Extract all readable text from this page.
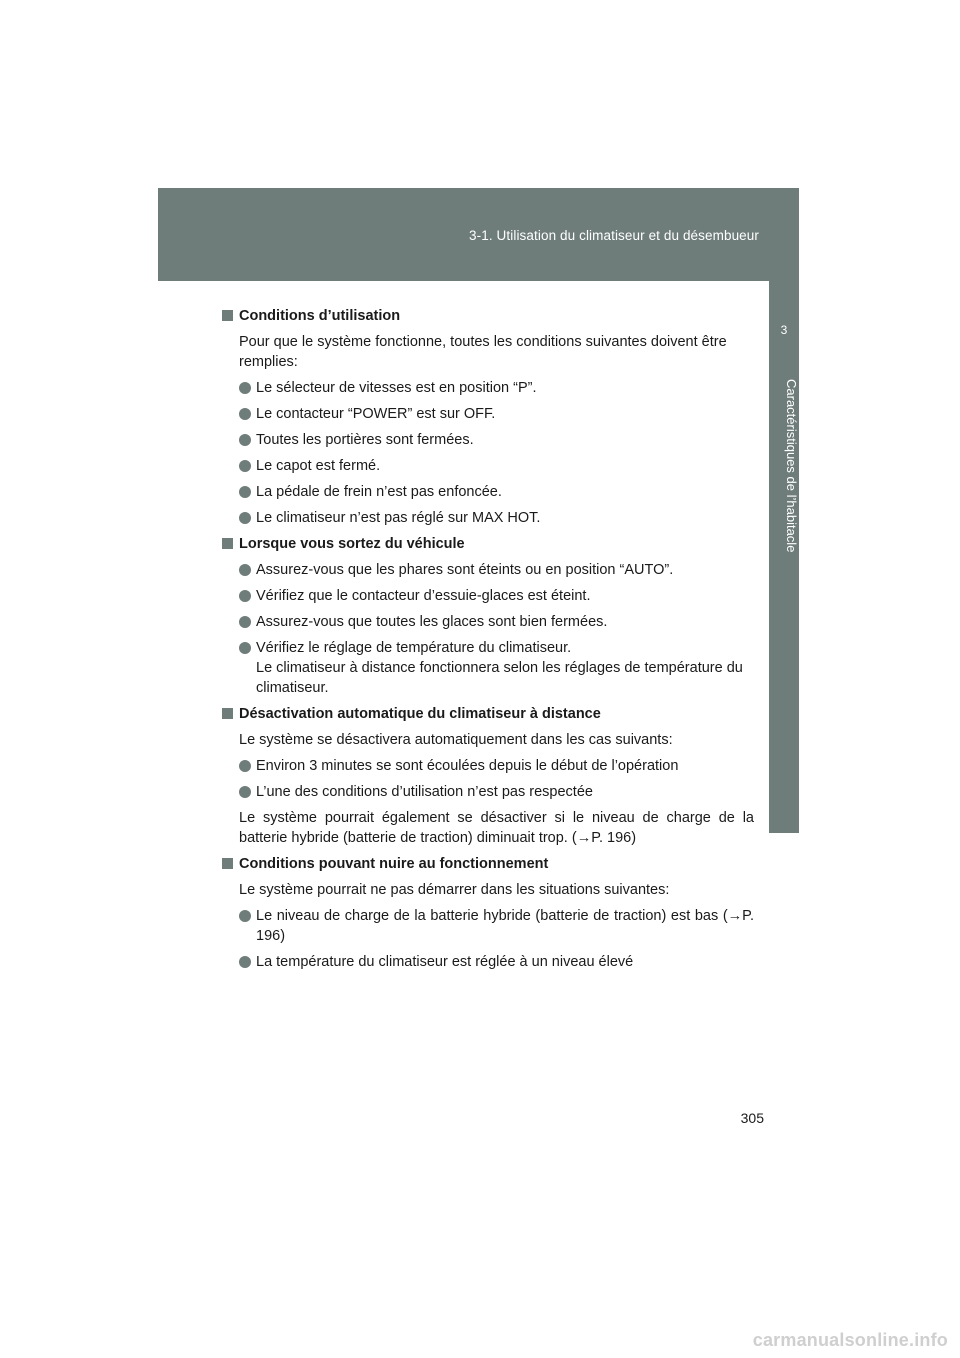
3-1. Utilisation du climatiseur et du désembueur
3
Caractéristiques de l’habitacle
Conditions d’utilisation
Pour que le système fonctionne, toutes les conditions suivantes doivent être remplies:
Le sélecteur de vitesses est en position “P”.
Le contacteur “POWER” est sur OFF.
Toutes les portières sont fermées.
Le capot est fermé.
La pédale de frein n’est pas enfoncée.
Le climatiseur n’est pas réglé sur MAX HOT.
Lorsque vous sortez du véhicule
Assurez-vous que les phares sont éteints ou en position “AUTO”.
Vérifiez que le contacteur d’essuie-glaces est éteint.
Assurez-vous que toutes les glaces sont bien fermées.
Vérifiez le réglage de température du climatiseur.
Le climatiseur à distance fonctionnera selon les réglages de température du climatiseur.
Désactivation automatique du climatiseur à distance
Le système se désactivera automatiquement dans les cas suivants:
Environ 3 minutes se sont écoulées depuis le début de l’opération
L’une des conditions d’utilisation n’est pas respectée
Le système pourrait également se désactiver si le niveau de charge de la batterie hybride (batterie de traction) diminuait trop. (→P. 196)
Conditions pouvant nuire au fonctionnement
Le système pourrait ne pas démarrer dans les situations suivantes:
Le niveau de charge de la batterie hybride (batterie de traction) est bas (→P. 196)
La température du climatiseur est réglée à un niveau élevé
305
carmanualsonline.info
